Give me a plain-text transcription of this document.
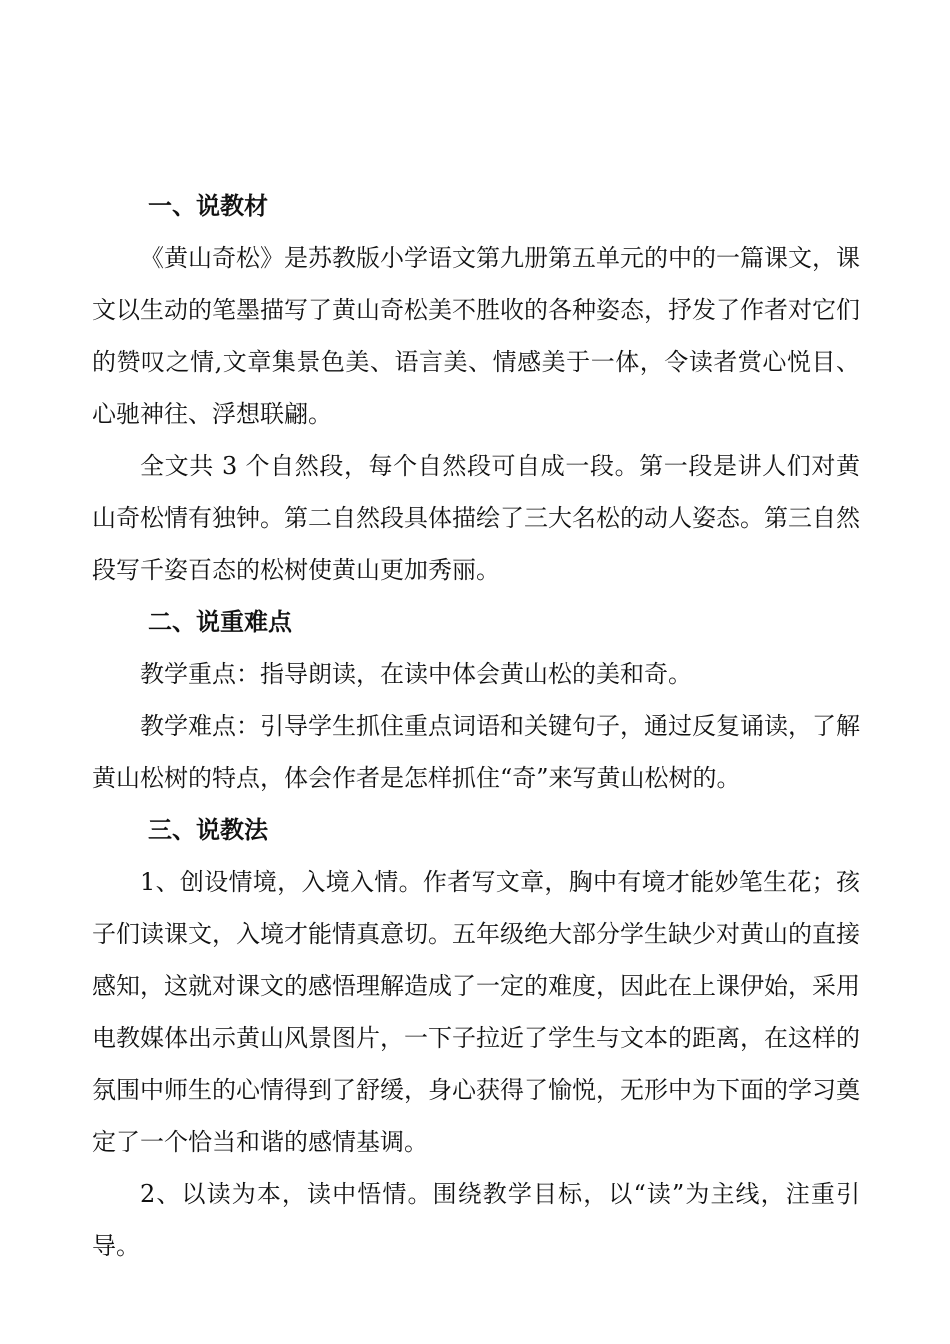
一、说教材

《黄山奇松》是苏教版小学语文第九册第五单元的中的一篇课文，课文以生动的笔墨描写了黄山奇松美不胜收的各种姿态，抒发了作者对它们的赞叹之情,文章集景色美、语言美、情感美于一体，令读者赏心悦目、心驰神往、浮想联翩。

全文共 3 个自然段，每个自然段可自成一段。第一段是讲人们对黄山奇松情有独钟。第二自然段具体描绘了三大名松的动人姿态。第三自然段写千姿百态的松树使黄山更加秀丽。

二、说重难点

教学重点：指导朗读，在读中体会黄山松的美和奇。

教学难点：引导学生抓住重点词语和关键句子，通过反复诵读，了解黄山松树的特点，体会作者是怎样抓住“奇”来写黄山松树的。

三、说教法

1、创设情境，入境入情。作者写文章，胸中有境才能妙笔生花；孩子们读课文，入境才能情真意切。五年级绝大部分学生缺少对黄山的直接感知，这就对课文的感悟理解造成了一定的难度，因此在上课伊始，采用电教媒体出示黄山风景图片，一下子拉近了学生与文本的距离，在这样的氛围中师生的心情得到了舒缓，身心获得了愉悦，无形中为下面的学习奠定了一个恰当和谐的感情基调。

2、以读为本，读中悟情。围绕教学目标，以“读”为主线，注重引导。
